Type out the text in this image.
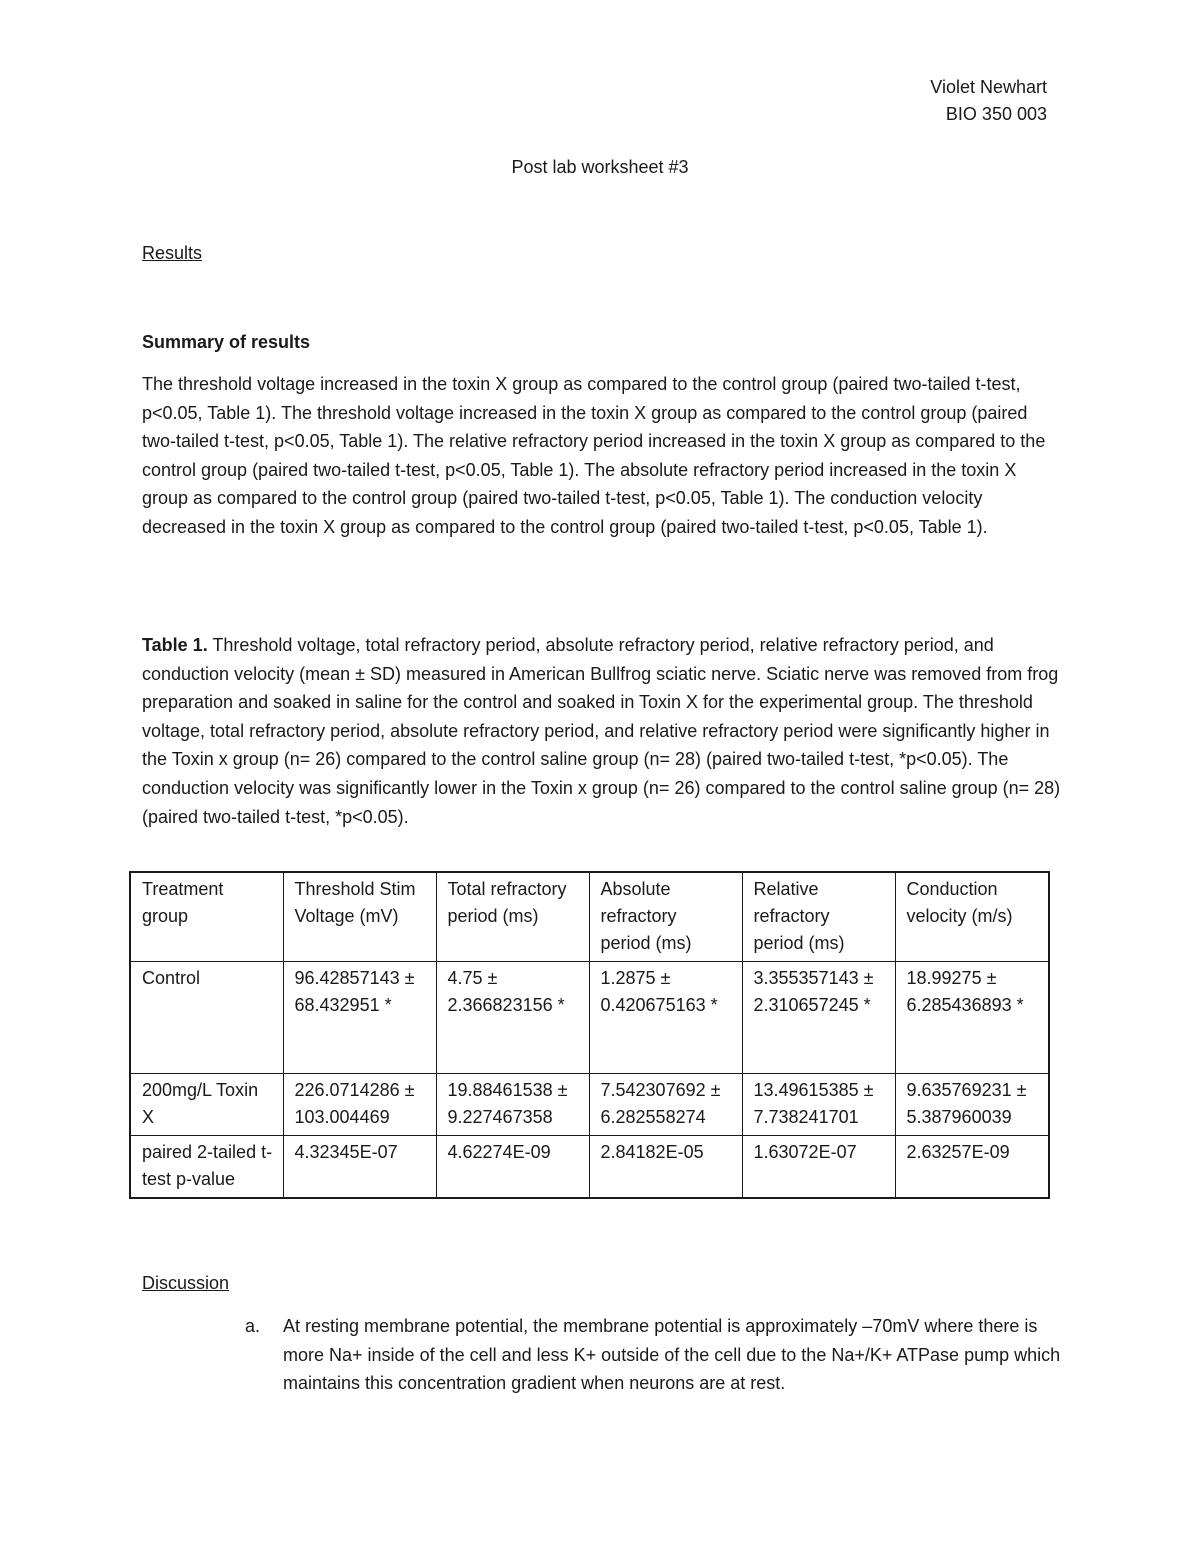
Violet Newhart
BIO 350 003
Post lab worksheet #3
Results
Summary of results

The threshold voltage increased in the toxin X group as compared to the control group (paired two-tailed t-test, p<0.05, Table 1). The threshold voltage increased in the toxin X group as compared to the control group (paired two-tailed t-test, p<0.05, Table 1). The relative refractory period increased in the toxin X group as compared to the control group (paired two-tailed t-test, p<0.05, Table 1). The absolute refractory period increased in the toxin X group as compared to the control group (paired two-tailed t-test, p<0.05, Table 1). The conduction velocity decreased in the toxin X group as compared to the control group (paired two-tailed t-test, p<0.05, Table 1).

Table 1. Threshold voltage, total refractory period, absolute refractory period, relative refractory period, and conduction velocity (mean ± SD) measured in American Bullfrog sciatic nerve. Sciatic nerve was removed from frog preparation and soaked in saline for the control and soaked in Toxin X for the experimental group. The threshold voltage, total refractory period, absolute refractory period, and relative refractory period were significantly higher in the Toxin x group (n= 26) compared to the control saline group (n= 28) (paired two-tailed t-test, *p<0.05). The conduction velocity was significantly lower in the Toxin x group (n= 26) compared to the control saline group (n= 28) (paired two-tailed t-test, *p<0.05).

Treatment group	Threshold Stim Voltage (mV)	Total refractory period (ms)	Absolute refractory period (ms)	Relative refractory period (ms)	Conduction velocity (m/s)
Control	96.42857143 ± 68.432951 *	4.75 ± 2.366823156 *	1.2875 ± 0.420675163 *	3.355357143 ± 2.310657245 *	18.99275 ± 6.285436893 *
200mg/L Toxin X	226.0714286 ± 103.004469	19.88461538 ± 9.227467358	7.542307692 ± 6.282558274	13.49615385 ± 7.738241701	9.635769231 ± 5.387960039
paired 2-tailed t-test p-value	4.32345E-07	4.62274E-09	2.84182E-05	1.63072E-07	2.63257E-09
Discussion
a. At resting membrane potential, the membrane potential is approximately –70mV where there is more Na+ inside of the cell and less K+ outside of the cell due to the Na+/K+ ATPase pump which maintains this concentration gradient when neurons are at rest.
